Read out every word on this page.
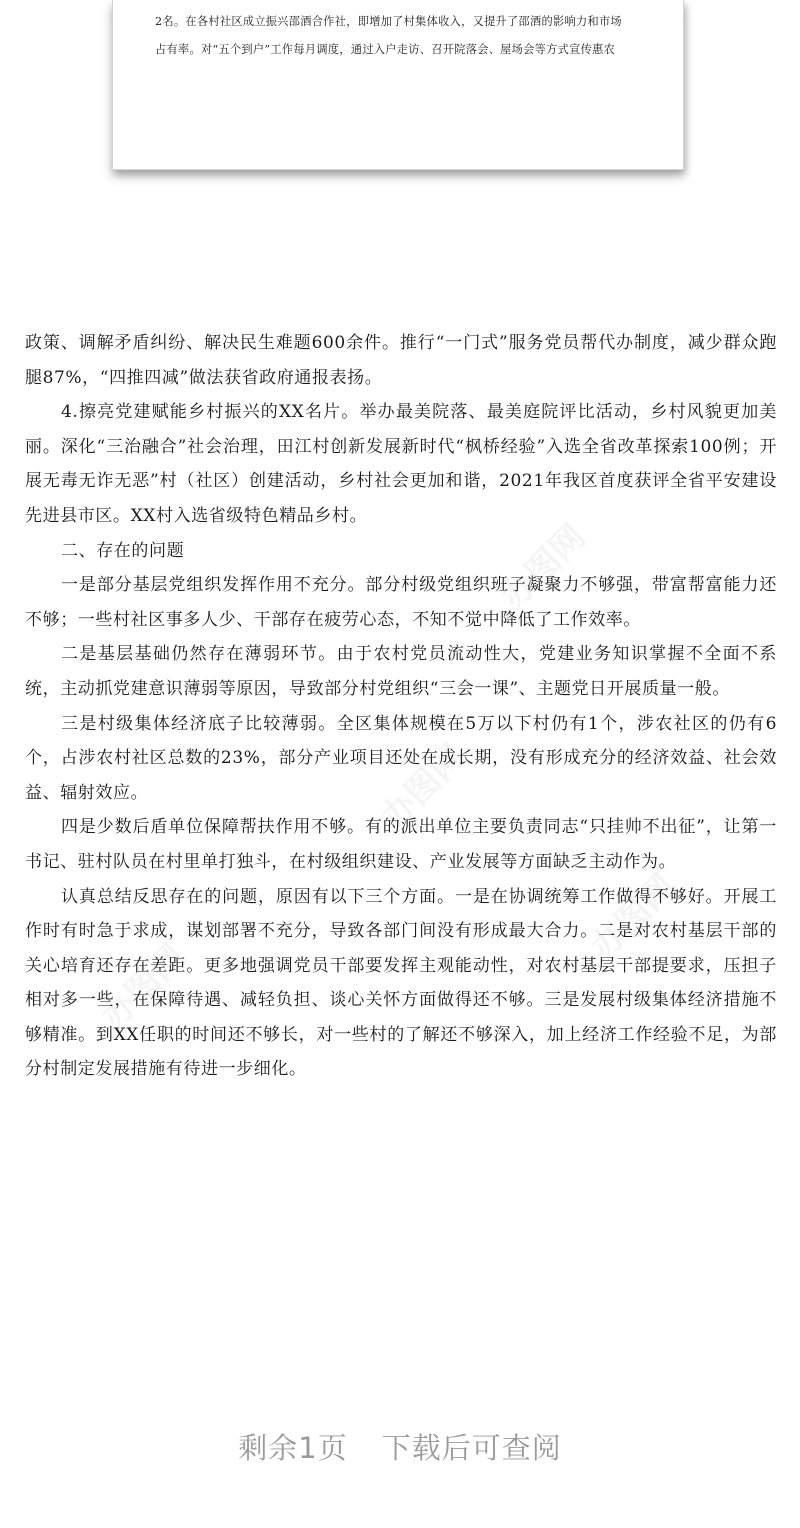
2名。在各村社区成立振兴邵酒合作社，即增加了村集体收入，又提升了邵酒的影响力和市场
占有率。对“五个到户”工作每月调度，通过入户走访、召开院落会、屋场会等方式宣传惠农

政策、调解矛盾纠纷、解决民生难题600余件。推行“一门式”服务党员帮代办制度，减少群众跑腿87%，“四推四减”做法获省政府通报表扬。

4.擦亮党建赋能乡村振兴的XX名片。举办最美院落、最美庭院评比活动，乡村风貌更加美丽。深化“三治融合”社会治理，田江村创新发展新时代“枫桥经验”入选全省改革探索100例；开展无毒无诈无恶”村（社区）创建活动，乡村社会更加和谐，2021年我区首度获评全省平安建设先进县市区。XX村入选省级特色精品乡村。

二、存在的问题

一是部分基层党组织发挥作用不充分。部分村级党组织班子凝聚力不够强，带富帮富能力还不够；一些村社区事多人少、干部存在疲劳心态，不知不觉中降低了工作效率。

二是基层基础仍然存在薄弱环节。由于农村党员流动性大，党建业务知识掌握不全面不系统，主动抓党建意识薄弱等原因，导致部分村党组织“三会一课”、主题党日开展质量一般。

三是村级集体经济底子比较薄弱。全区集体规模在5万以下村仍有1个，涉农社区的仍有6个，占涉农村社区总数的23%，部分产业项目还处在成长期，没有形成充分的经济效益、社会效益、辐射效应。

四是少数后盾单位保障帮扶作用不够。有的派出单位主要负责同志“只挂帅不出征”，让第一书记、驻村队员在村里单打独斗，在村级组织建设、产业发展等方面缺乏主动作为。

认真总结反思存在的问题，原因有以下三个方面。一是在协调统筹工作做得不够好。开展工作时有时急于求成，谋划部署不充分，导致各部门间没有形成最大合力。二是对农村基层干部的关心培育还存在差距。更多地强调党员干部要发挥主观能动性，对农村基层干部提要求，压担子相对多一些，在保障待遇、减轻负担、谈心关怀方面做得还不够。三是发展村级集体经济措施不够精准。到XX任职的时间还不够长，对一些村的了解还不够深入，加上经济工作经验不足，为部分村制定发展措施有待进一步细化。

剩余1页 下载后可查阅
